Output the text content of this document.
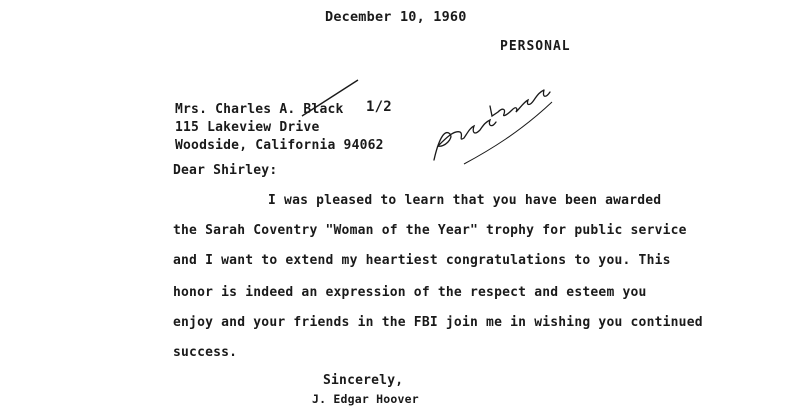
December 10, 1960

PERSONAL

Mrs. Charles A. Black

115 Lakeview Drive

Woodside, California 94062

1/2

Dear Shirley:

I was pleased to learn that you have been awarded

the Sarah Coventry "Woman of the Year" trophy for public service

and I want to extend my heartiest congratulations to you. This

honor is indeed an expression of the respect and esteem you

enjoy and your friends in the FBI join me in wishing you continued

success.

Sincerely,

J. Edgar Hoover
